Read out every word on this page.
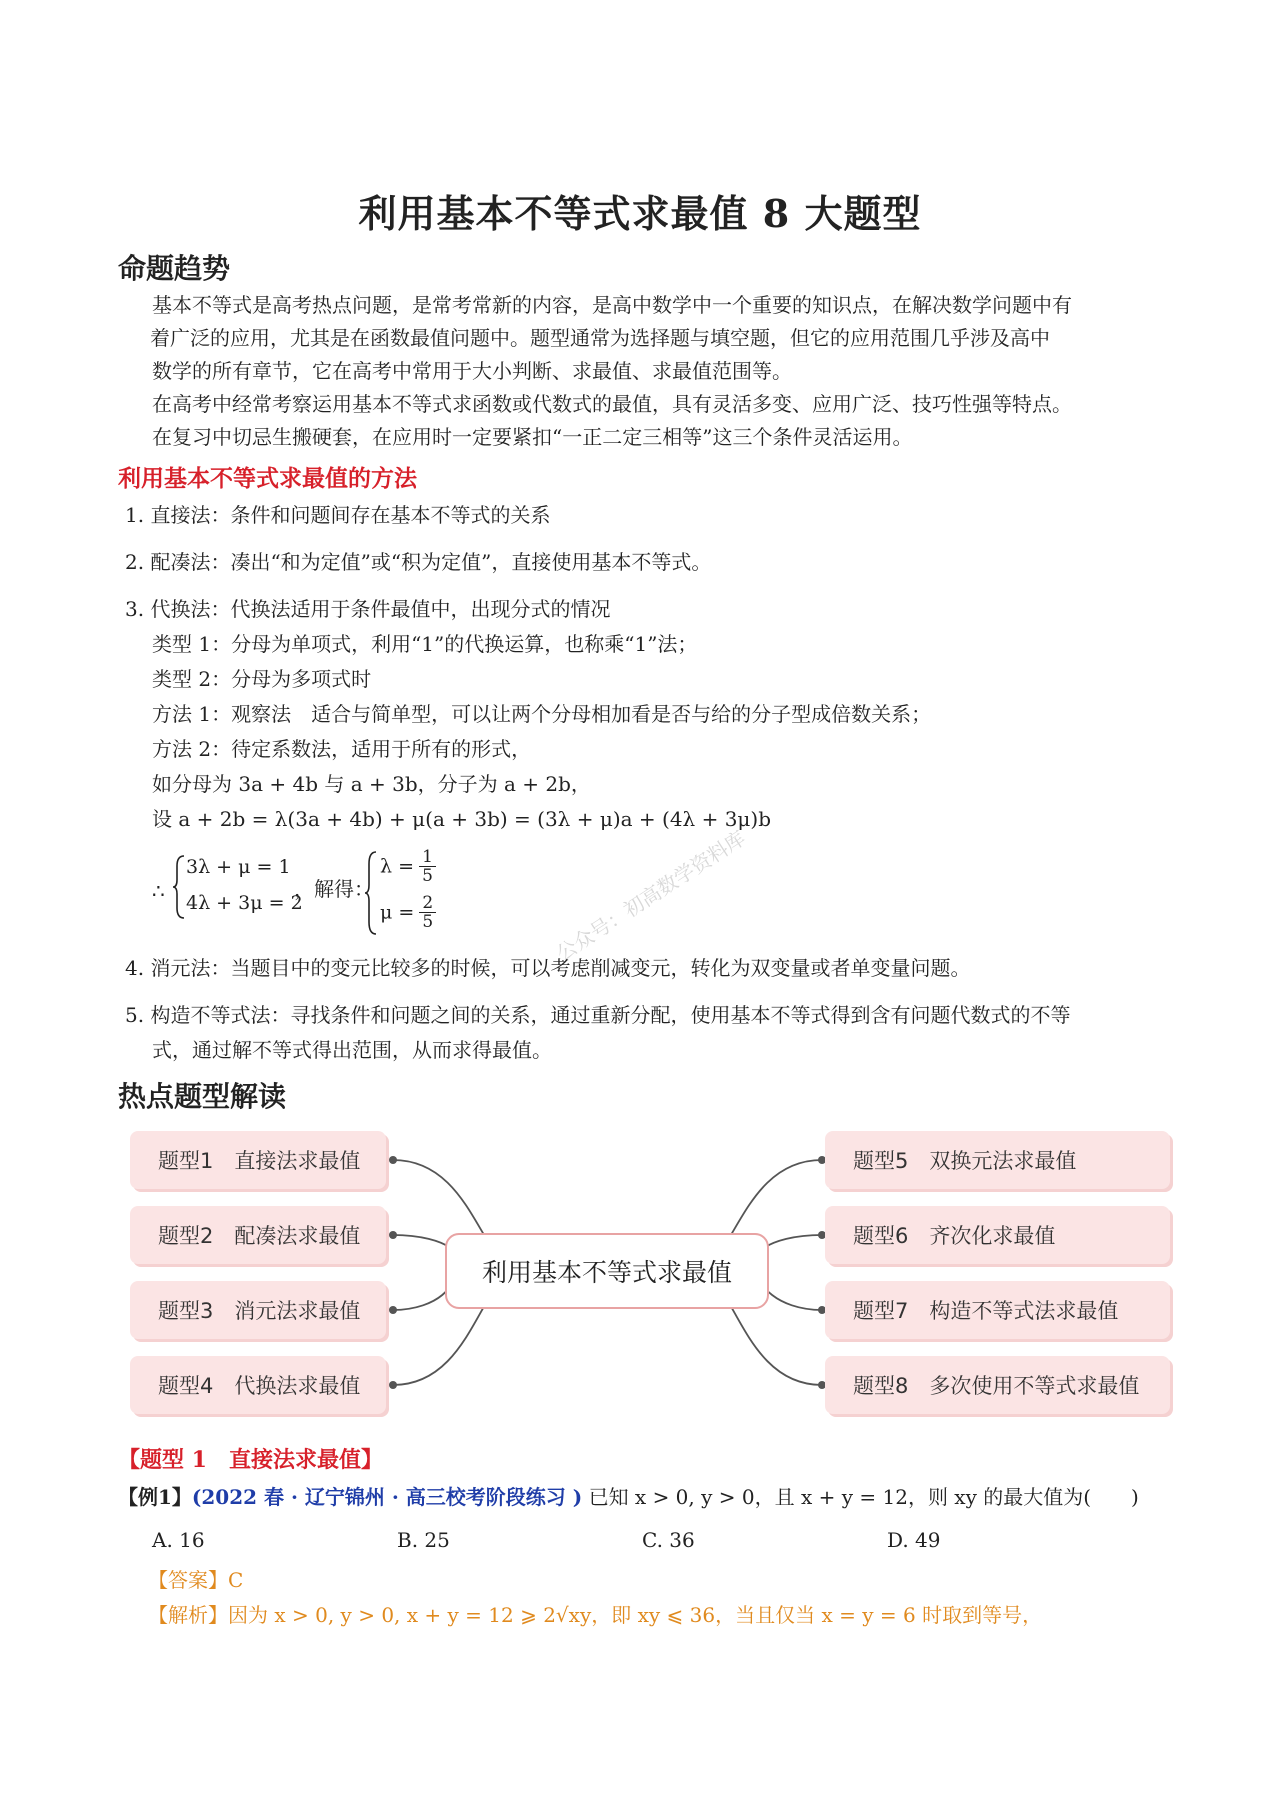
利用基本不等式求最值 8 大题型
命题趋势
基本不等式是高考热点问题，是常考常新的内容，是高中数学中一个重要的知识点，在解决数学问题中有
着广泛的应用，尤其是在函数最值问题中。题型通常为选择题与填空题，但它的应用范围几乎涉及高中
数学的所有章节，它在高考中常用于大小判断、求最值、求最值范围等。
在高考中经常考察运用基本不等式求函数或代数式的最值，具有灵活多变、应用广泛、技巧性强等特点。
在复习中切忌生搬硬套，在应用时一定要紧扣“一正二定三相等”这三个条件灵活运用。
利用基本不等式求最值的方法
1. 直接法：条件和问题间存在基本不等式的关系
2. 配凑法：凑出“和为定值”或“积为定值”，直接使用基本不等式。
3. 代换法：代换法适用于条件最值中，出现分式的情况
类型 1：分母为单项式，利用“1”的代换运算，也称乘“1”法；
类型 2：分母为多项式时
方法 1：观察法　适合与简单型，可以让两个分母相加看是否与给的分子型成倍数关系；
方法 2：待定系数法，适用于所有的形式，
如分母为 3a + 4b 与 a + 3b，分子为 a + 2b，
设 a + 2b = λ(3a + 4b) + μ(a + 3b) = (3λ + μ)a + (4λ + 3μ)b
∴
3λ + μ = 1
4λ + 3μ = 2
，解得：
$\lambda = \frac{1}{5}$
$\mu = \frac{2}{5}$	公众号：初高数学资料库
4. 消元法：当题目中的变元比较多的时候，可以考虑削减变元，转化为双变量或者单变量问题。
5. 构造不等式法：寻找条件和问题之间的关系，通过重新分配，使用基本不等式得到含有问题代数式的不等
式，通过解不等式得出范围，从而求得最值。
热点题型解读
题型1　直接法求最值
题型2　配凑法求最值
题型3　消元法求最值
题型4　代换法求最值
题型5　双换元法求最值
题型6　齐次化求最值
题型7　构造不等式法求最值
题型8　多次使用不等式求最值
利用基本不等式求最值
【题型 1　直接法求最值】
【例1】(2022 春 · 辽宁锦州 · 高三校考阶段练习 ) 已知 x > 0, y > 0，且 x + y = 12，则 xy 的最大值为(　　)
A. 16	B. 25	C. 36	D. 49
【答案】C
【解析】因为 x > 0, y > 0, x + y = 12 ⩾ 2√xy，即 xy ⩽ 36，当且仅当 x = y = 6 时取到等号，
